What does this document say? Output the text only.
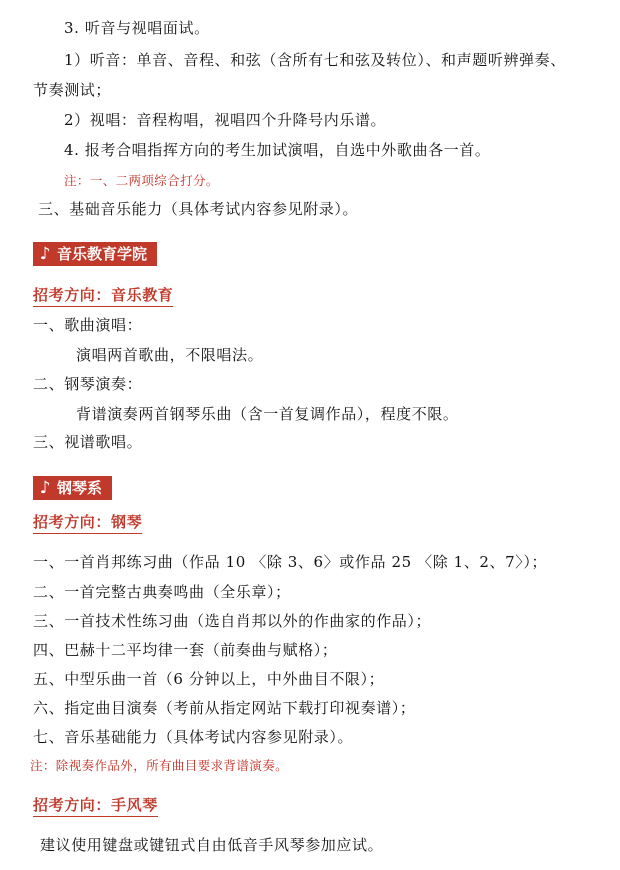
3. 听音与视唱面试。
1）听音：单音、音程、和弦（含所有七和弦及转位）、和声题听辨弹奏、
节奏测试；
2）视唱：音程构唱，视唱四个升降号内乐谱。
4. 报考合唱指挥方向的考生加试演唱，自选中外歌曲各一首。
注：一、二两项综合打分。
三、基础音乐能力（具体考试内容参见附录）。
♪ 音乐教育学院
招考方向：音乐教育
一、歌曲演唱：
演唱两首歌曲，不限唱法。
二、钢琴演奏：
背谱演奏两首钢琴乐曲（含一首复调作品），程度不限。
三、视谱歌唱。
♪ 钢琴系
招考方向：钢琴
一、一首肖邦练习曲（作品 10 〈除 3、6〉或作品 25 〈除 1、2、7〉）；
二、一首完整古典奏鸣曲（全乐章）；
三、一首技术性练习曲（选自肖邦以外的作曲家的作品）；
四、巴赫十二平均律一套（前奏曲与赋格）；
五、中型乐曲一首（6 分钟以上，中外曲目不限）；
六、指定曲目演奏（考前从指定网站下载打印视奏谱）；
七、音乐基础能力（具体考试内容参见附录）。
注：除视奏作品外，所有曲目要求背谱演奏。
招考方向：手风琴
建议使用键盘或键钮式自由低音手风琴参加应试。
